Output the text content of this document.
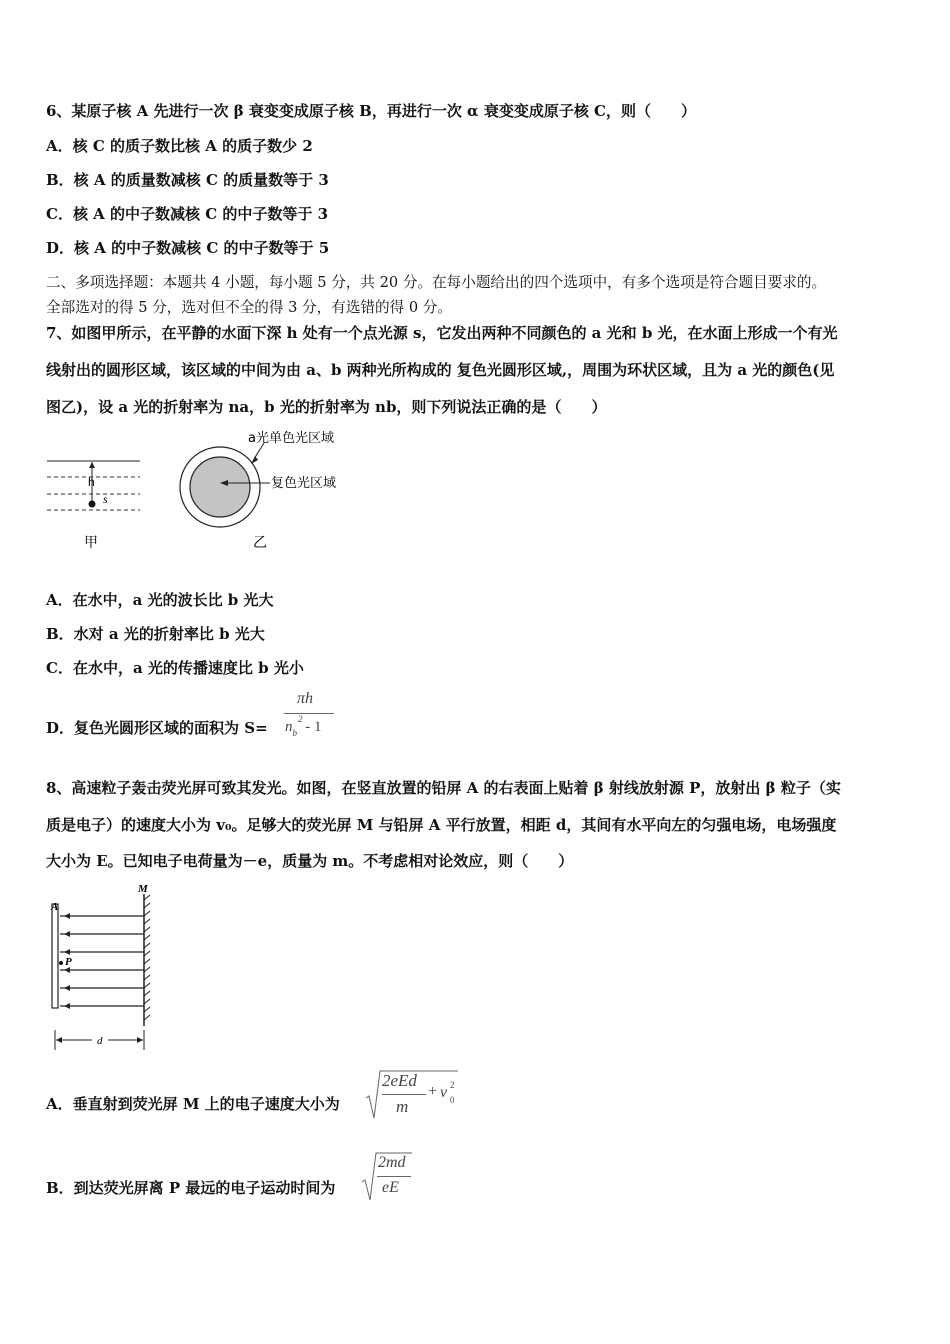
6、某原子核 A 先进行一次 β 衰变变成原子核 B，再进行一次 α 衰变变成原子核 C，则（　　）
A．核 C 的质子数比核 A 的质子数少 2
B．核 A 的质量数减核 C 的质量数等于 3
C．核 A 的中子数减核 C 的中子数等于 3
D．核 A 的中子数减核 C 的中子数等于 5
二、多项选择题：本题共 4 小题，每小题 5 分，共 20 分。在每小题给出的四个选项中，有多个选项是符合题目要求的。
全部选对的得 5 分，选对但不全的得 3 分，有选错的得 0 分。
7、如图甲所示，在平静的水面下深 h 处有一个点光源 s，它发出两种不同颜色的 a 光和 b 光，在水面上形成一个有光
线射出的圆形区域，该区域的中间为由 a、b 两种光所构成的 复色光圆形区域,，周围为环状区域，且为 a 光的颜色(见
图乙)，设 a 光的折射率为 na，b 光的折射率为 nb，则下列说法正确的是（　　）
h
s
甲
a光单色光区域
复色光区域
乙
A．在水中，a 光的波长比 b 光大
B．水对 a 光的折射率比 b 光大
C．在水中，a 光的传播速度比 b 光小
D．复色光圆形区域的面积为 S=
πh
$n_b^2 - 1$
8、高速粒子轰击荧光屏可致其发光。如图，在竖直放置的铅屏 A 的右表面上贴着 β 射线放射源 P，放射出 β 粒子（实
质是电子）的速度大小为 v₀。足够大的荧光屏 M 与铅屏 A 平行放置，相距 d，其间有水平向左的匀强电场，电场强度
大小为 E。已知电子电荷量为－e，质量为 m。不考虑相对论效应，则（　　）
A
M
P
d
A．垂直射到荧光屏 M 上的电子速度大小为
2eEd
m
+ v 2
0
B．到达荧光屏离 P 最远的电子运动时间为
2md
eE
